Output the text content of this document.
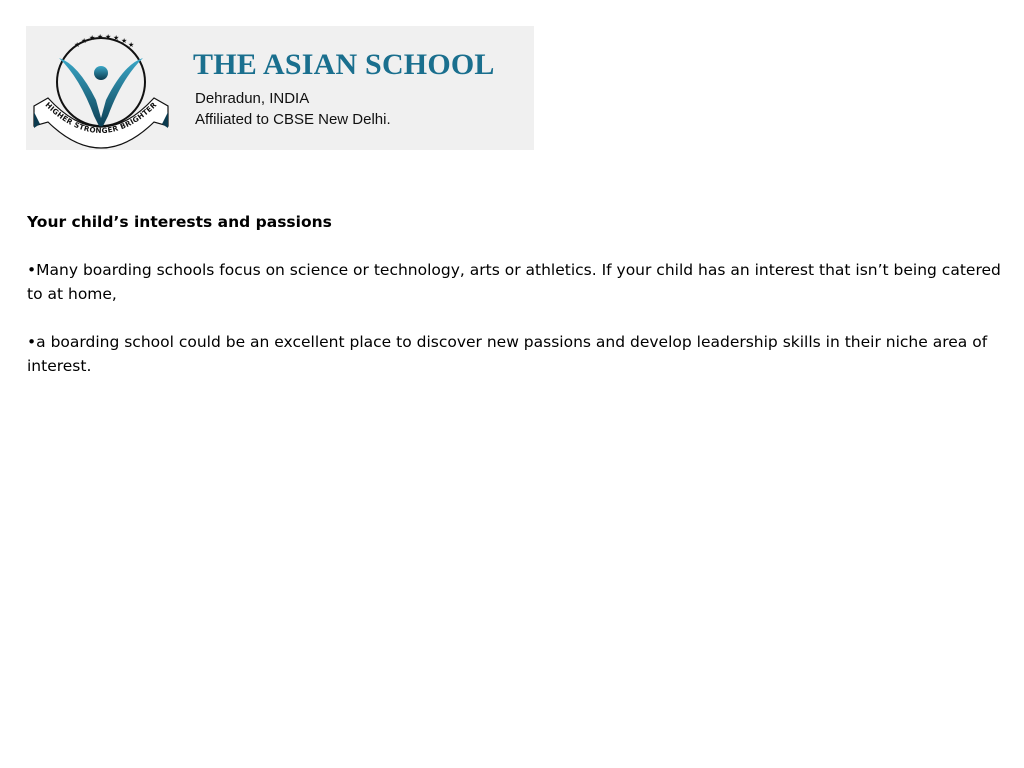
★ ★ ★ ★ ★ ★ ★
★
HIGHER STRONGER BRIGHTER
THE ASIAN SCHOOL
Dehradun, INDIA
Affiliated to CBSE New Delhi.

Your child’s interests and passions

•Many boarding schools focus on science or technology, arts or athletics. If your child has an interest that isn’t being catered to at home,

•a boarding school could be an excellent place to discover new passions and develop leadership skills in their niche area of interest.
